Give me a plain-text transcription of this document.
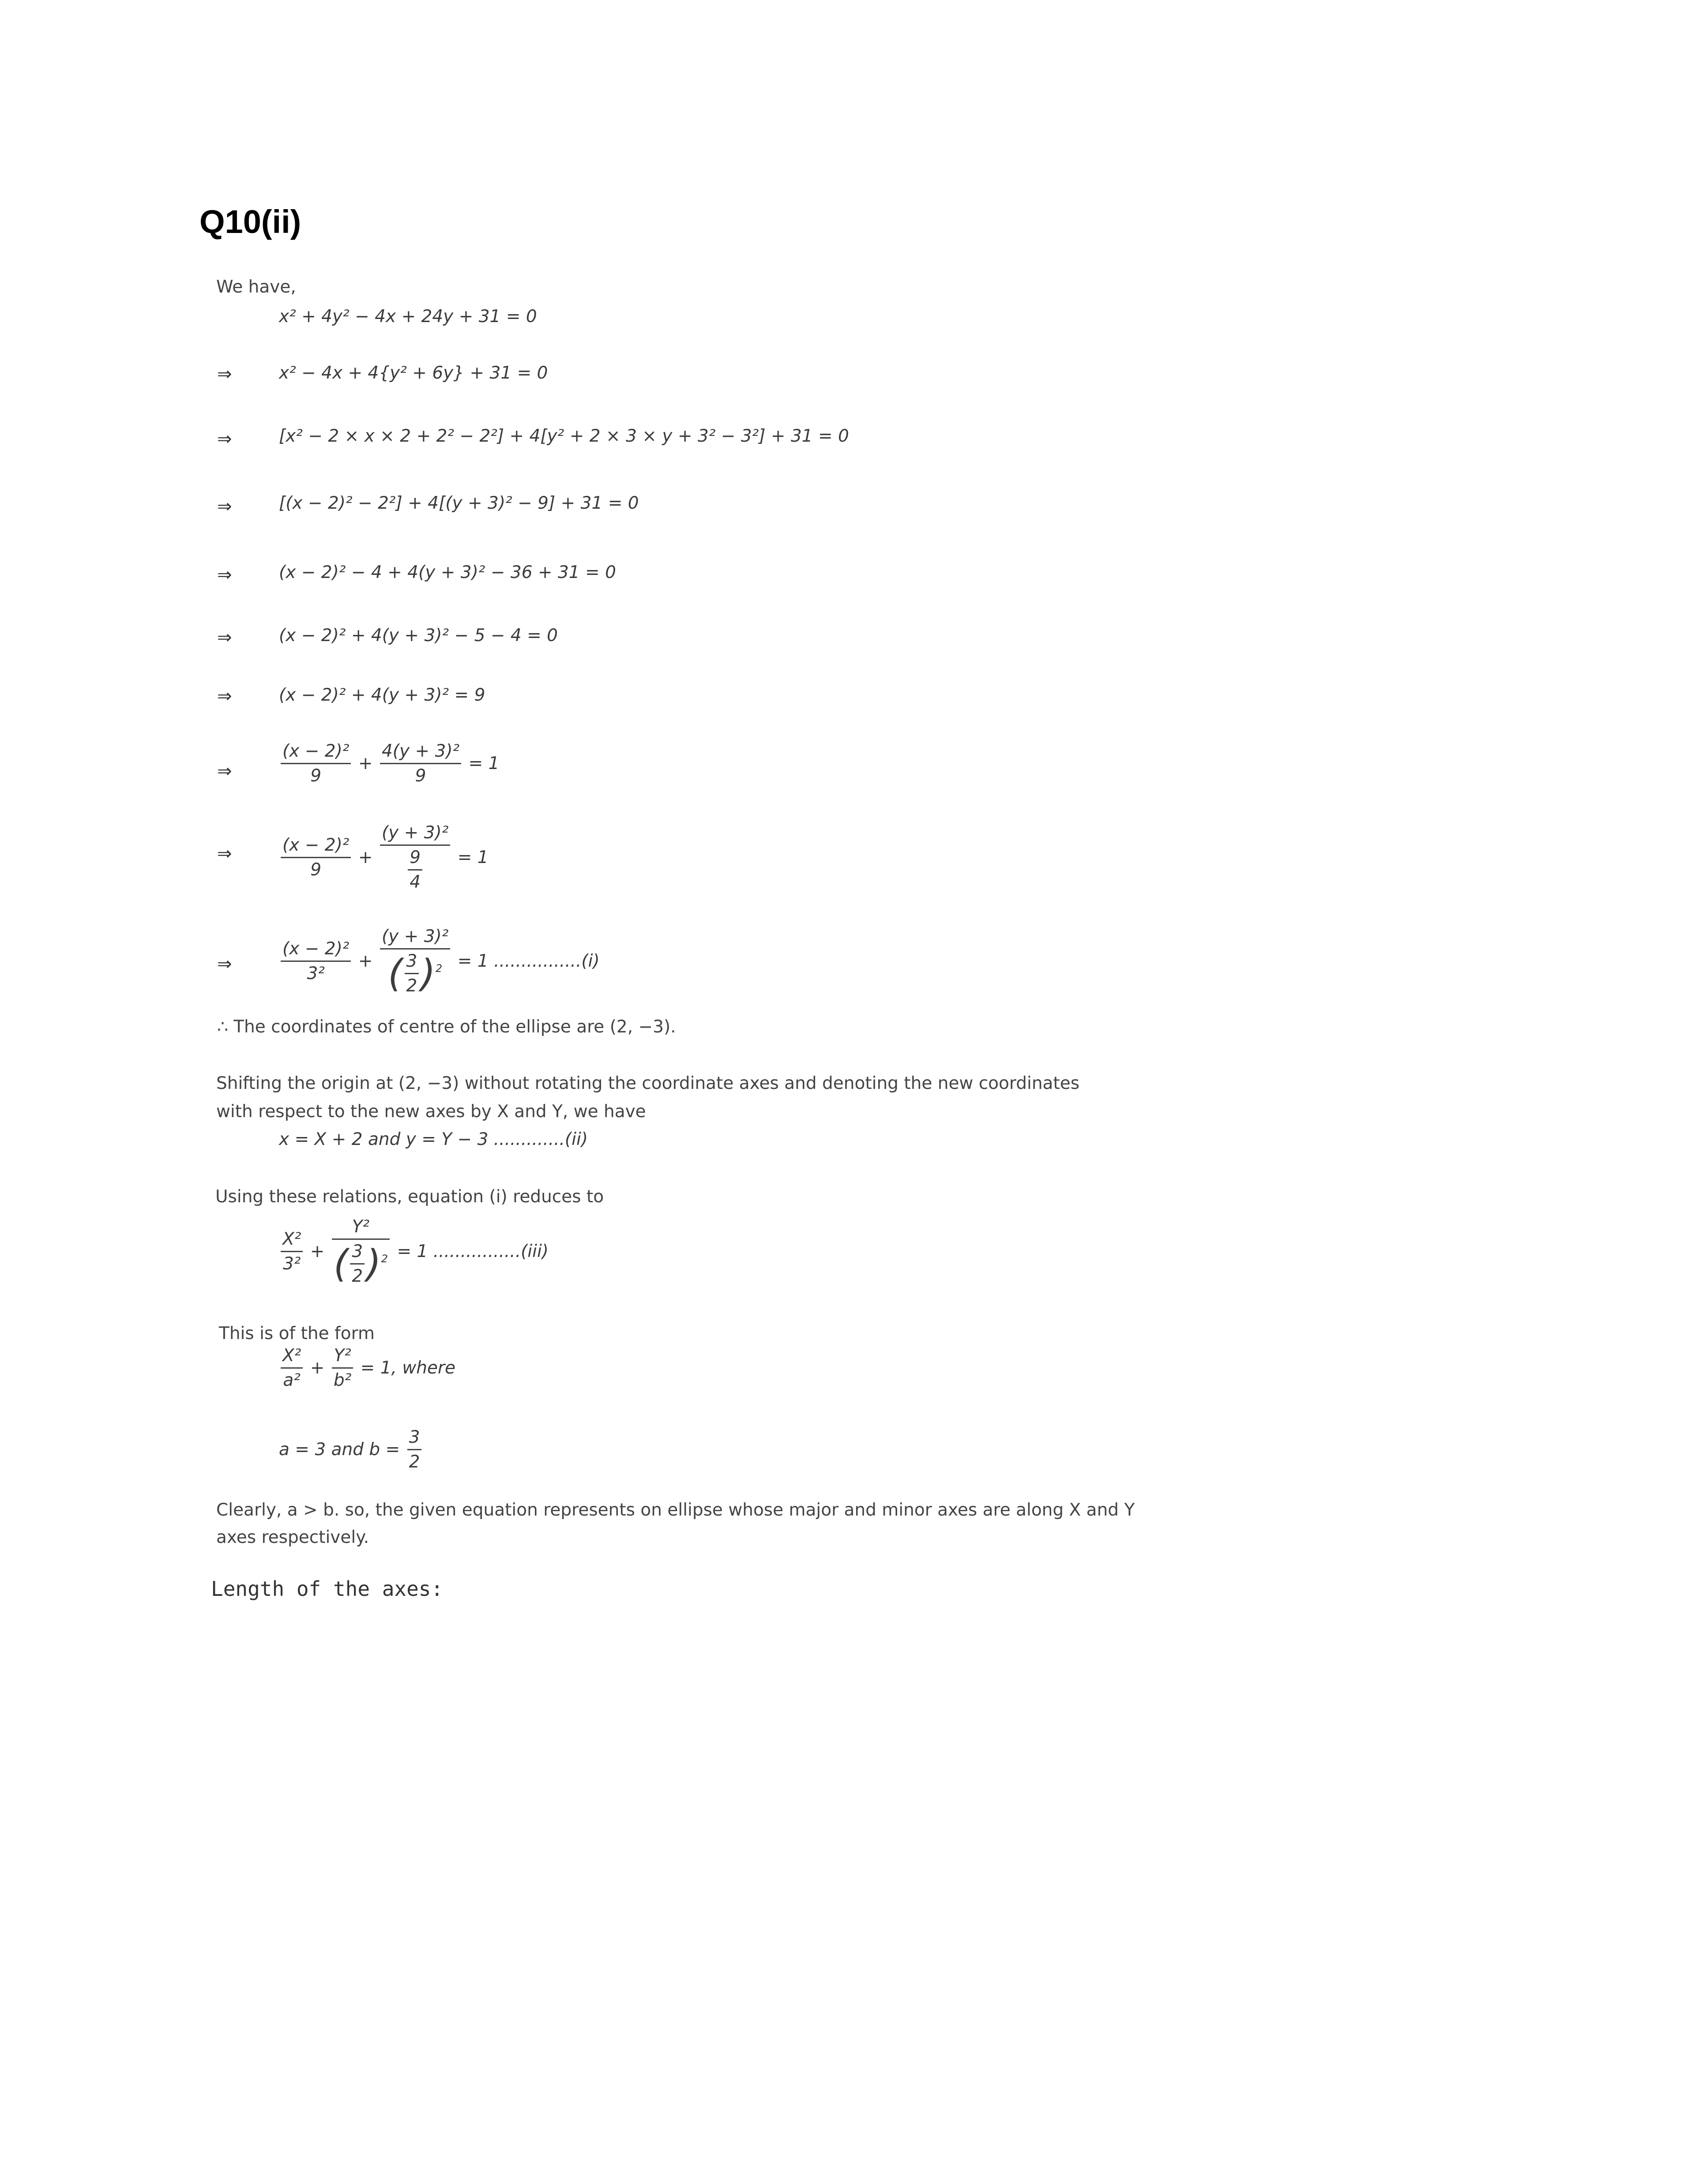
Q10(ii)
We have,
x² + 4y² − 4x + 24y + 31 = 0
⇒	x² − 4x + 4{y² + 6y} + 31 = 0
⇒	[x² − 2 × x × 2 + 2² − 2²] + 4[y² + 2 × 3 × y + 3² − 3²] + 31 = 0
⇒	[(x − 2)² − 2²] + 4[(y + 3)² − 9] + 31 = 0
⇒	(x − 2)² − 4 + 4(y + 3)² − 36 + 31 = 0
⇒	(x − 2)² + 4(y + 3)² − 5 − 4 = 0
⇒	(x − 2)² + 4(y + 3)² = 9
⇒	$\frac{\text{(x − 2)²}}{9} + \frac{\text{4(y + 3)²}}{9} = 1$
⇒	$\frac{\text{(x − 2)²}}{9} + \frac{\text{(y + 3)²}}{\frac{9}{4}} = 1$
⇒	$\frac{\text{(x − 2)²}}{\text{3²}} + \frac{\text{(y + 3)²}}{( \frac{3}{2} )^2} = 1$ ................(i)
∴ The coordinates of centre of the ellipse are (2, −3).
Shifting the origin at (2, −3) without rotating the coordinate axes and denoting the new coordinates
with respect to the new axes by X and Y, we have
x = X + 2 and y = Y − 3 .............(ii)
Using these relations, equation (i) reduces to
$\frac{\text{X²}}{\text{3²}} + \frac{\text{Y²}}{( \frac{3}{2} )^2} = 1$ ................(iii)
This is of the form
$\frac{\text{X²}}{\text{a²}} + \frac{\text{Y²}}{\text{b²}} = 1$, where
a = 3 and $b = \frac{3}{2}$
Clearly, a > b. so, the given equation represents on ellipse whose major and minor axes are along X and Y
axes respectively.
Length of the axes:
